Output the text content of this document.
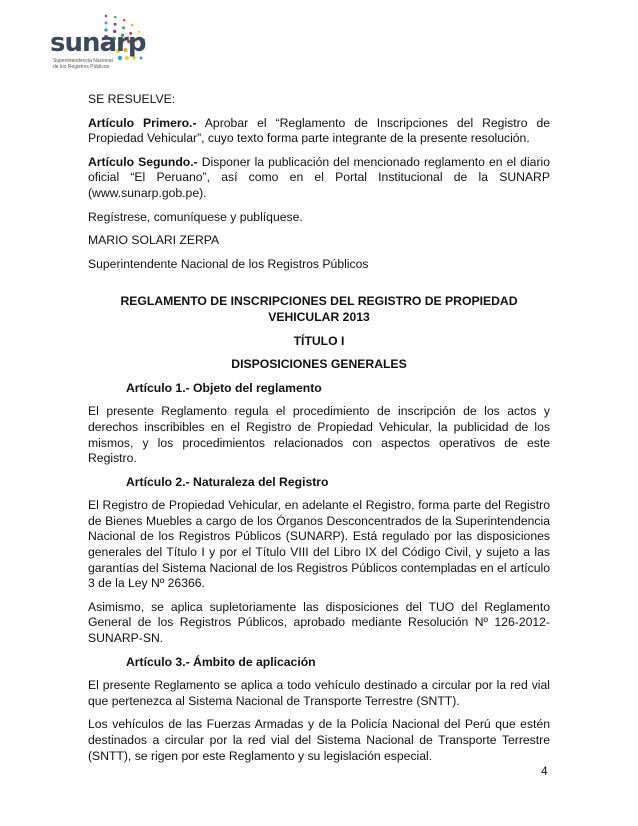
sunarp
Superintendencia Nacional
de los Registros Públicos

SE RESUELVE:

Artículo Primero.- Aprobar el “Reglamento de Inscripciones del Registro de Propiedad Vehicular”, cuyo texto forma parte integrante de la presente resolución.

Artículo Segundo.- Disponer la publicación del mencionado reglamento en el diario oficial “El Peruano”, así como en el Portal Institucional de la SUNARP (www.sunarp.gob.pe).

Regístrese, comuníquese y publíquese.

MARIO SOLARI ZERPA

Superintendente Nacional de los Registros Públicos

REGLAMENTO DE INSCRIPCIONES DEL REGISTRO DE PROPIEDAD VEHICULAR 2013

TÍTULO I

DISPOSICIONES GENERALES

Artículo 1.- Objeto del reglamento

El presente Reglamento regula el procedimiento de inscripción de los actos y derechos inscribibles en el Registro de Propiedad Vehicular, la publicidad de los mismos, y los procedimientos relacionados con aspectos operativos de este Registro.

Artículo 2.- Naturaleza del Registro

El Registro de Propiedad Vehicular, en adelante el Registro, forma parte del Registro de Bienes Muebles a cargo de los Órganos Desconcentrados de la Superintendencia Nacional de los Registros Públicos (SUNARP). Está regulado por las disposiciones generales del Título I y por el Título VIII del Libro IX del Código Civil, y sujeto a las garantías del Sistema Nacional de los Registros Públicos contempladas en el artículo 3 de la Ley Nº 26366.

Asimismo, se aplica supletoriamente las disposiciones del TUO del Reglamento General de los Registros Públicos, aprobado mediante Resolución Nº 126-2012-SUNARP-SN.

Artículo 3.- Ámbito de aplicación

El presente Reglamento se aplica a todo vehículo destinado a circular por la red vial que pertenezca al Sistema Nacional de Transporte Terrestre (SNTT).

Los vehículos de las Fuerzas Armadas y de la Policía Nacional del Perú que estén destinados a circular por la red vial del Sistema Nacional de Transporte Terrestre (SNTT), se rigen por este Reglamento y su legislación especial.

4
